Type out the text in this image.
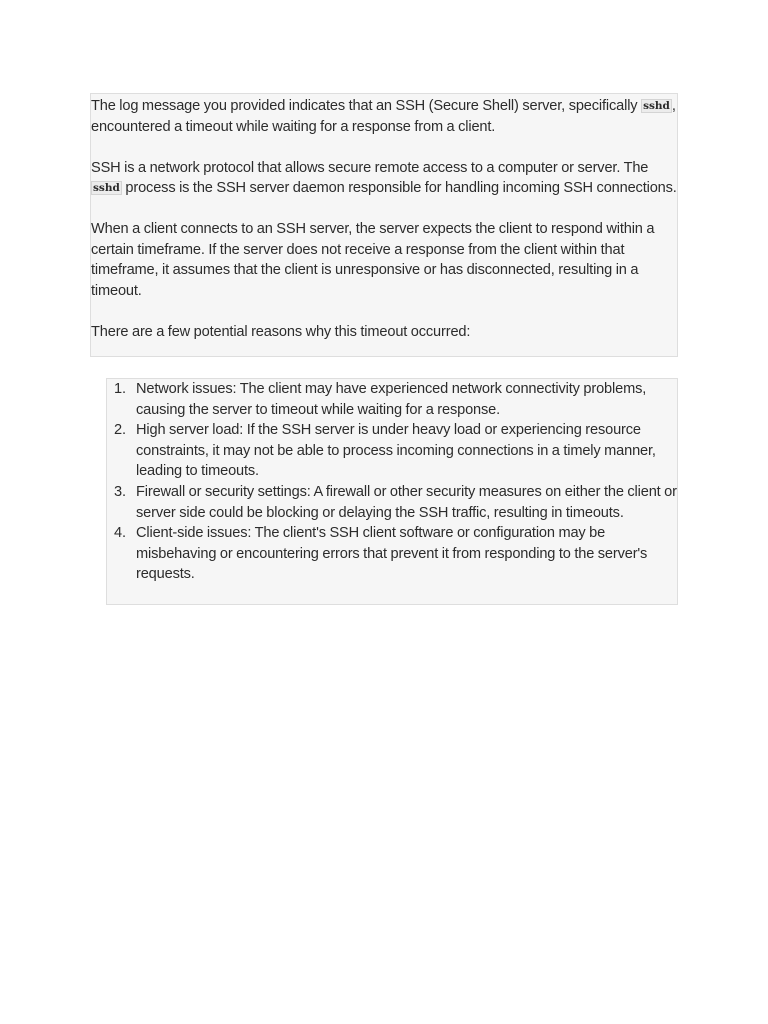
The log message you provided indicates that an SSH (Secure Shell) server, specifically sshd , encountered a timeout while waiting for a response from a client.

SSH is a network protocol that allows secure remote access to a computer or server. The sshd process is the SSH server daemon responsible for handling incoming SSH connections.

When a client connects to an SSH server, the server expects the client to respond within a certain timeframe. If the server does not receive a response from the client within that timeframe, it assumes that the client is unresponsive or has disconnected, resulting in a timeout.

There are a few potential reasons why this timeout occurred:

1. Network issues: The client may have experienced network connectivity problems, causing the server to timeout while waiting for a response.
2. High server load: If the SSH server is under heavy load or experiencing resource constraints, it may not be able to process incoming connections in a timely manner, leading to timeouts.
3. Firewall or security settings: A firewall or other security measures on either the client or server side could be blocking or delaying the SSH traffic, resulting in timeouts.
4. Client-side issues: The client's SSH client software or configuration may be misbehaving or encountering errors that prevent it from responding to the server's requests.
